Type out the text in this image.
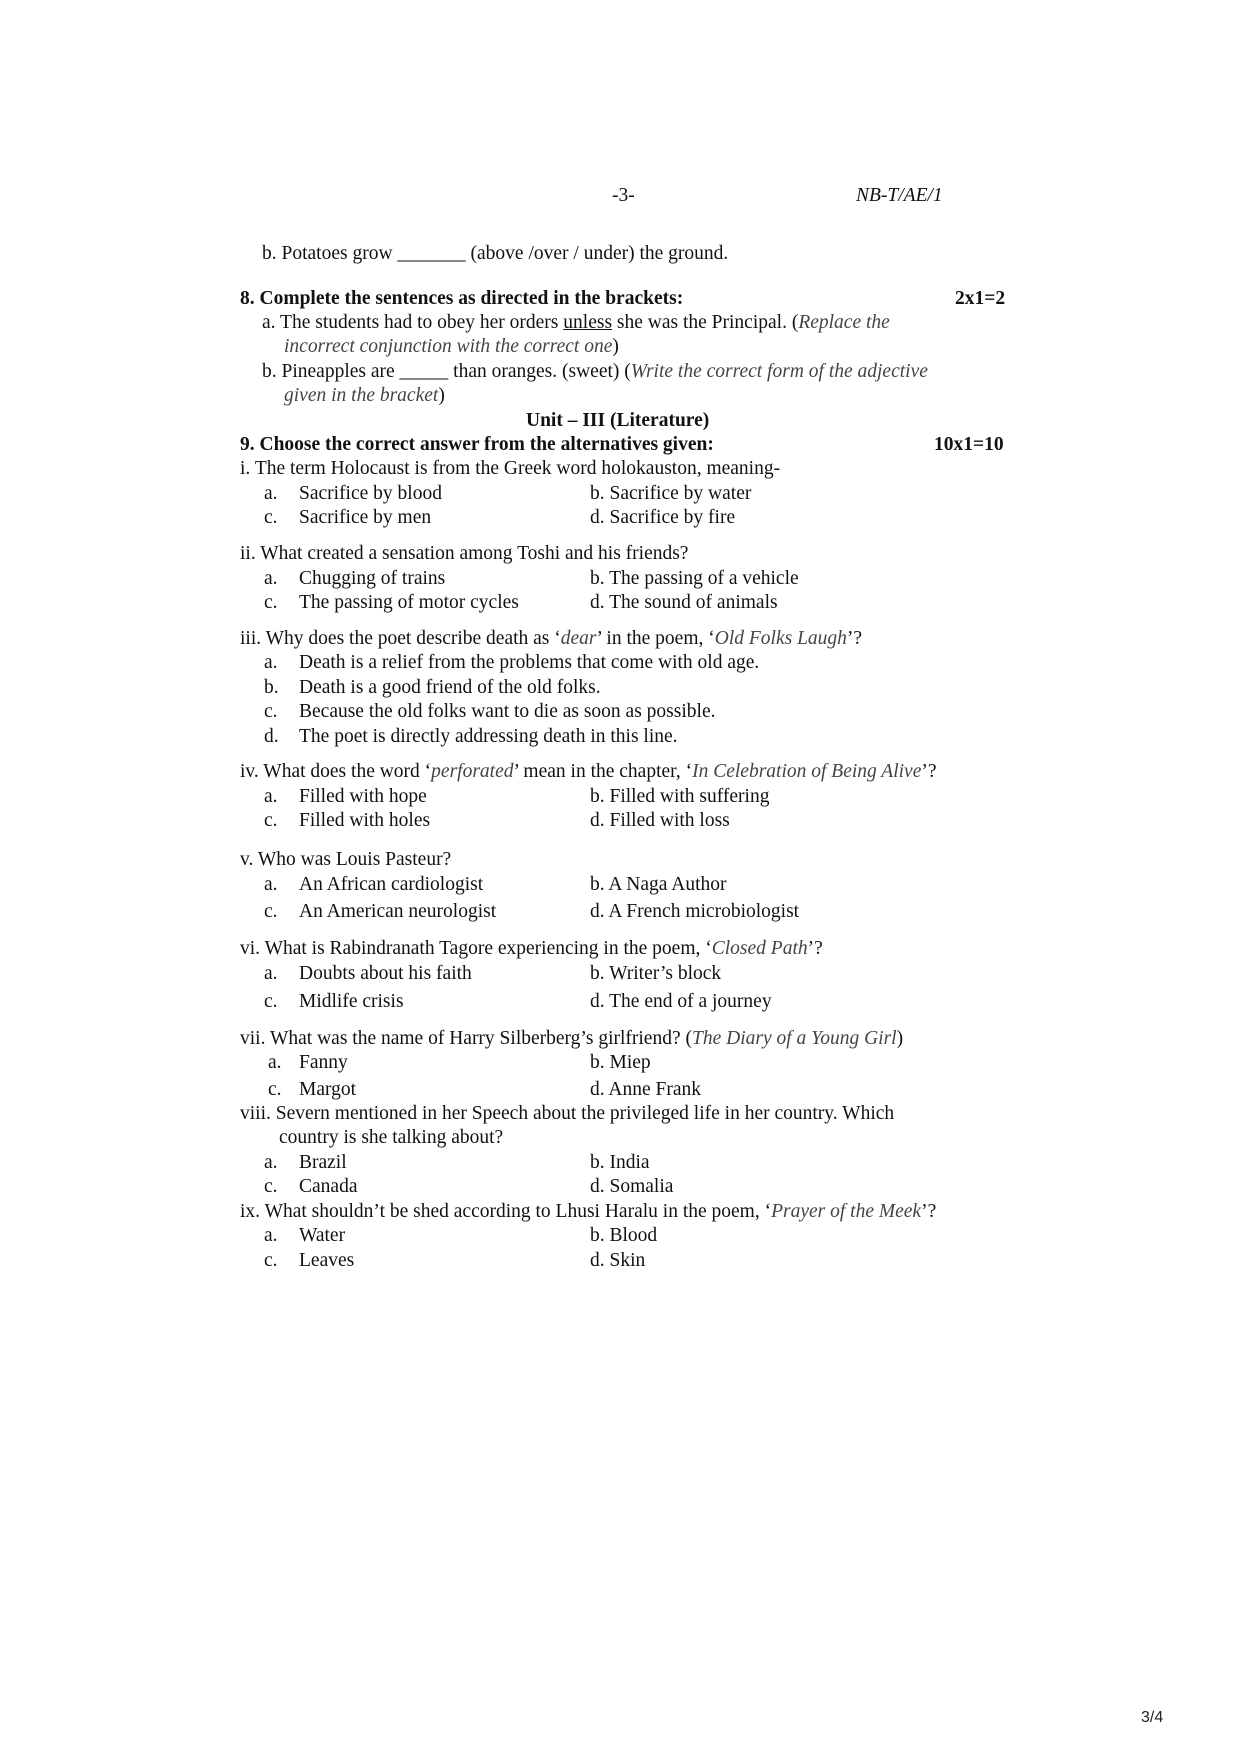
-3-	NB-T/AE/1
b. Potatoes grow _______ (above /over / under) the ground.
8. Complete the sentences as directed in the brackets:	2x1=2
a. The students had to obey her orders unless she was the Principal. (Replace the
incorrect conjunction with the correct one)
b. Pineapples are _____ than oranges. (sweet) (Write the correct form of the adjective
given in the bracket)
Unit – III (Literature)
9. Choose the correct answer from the alternatives given:	10x1=10
i. The term Holocaust is from the Greek word holokauston, meaning-
a. Sacrifice by blood	b. Sacrifice by water
c. Sacrifice by men	d. Sacrifice by fire
ii. What created a sensation among Toshi and his friends?
a. Chugging of trains	b. The passing of a vehicle
c. The passing of motor cycles	d. The sound of animals
iii. Why does the poet describe death as ‘dear’ in the poem, ‘Old Folks Laugh’?
a. Death is a relief from the problems that come with old age.
b. Death is a good friend of the old folks.
c. Because the old folks want to die as soon as possible.
d. The poet is directly addressing death in this line.
iv. What does the word ‘perforated’ mean in the chapter, ‘In Celebration of Being Alive’?
a. Filled with hope	b. Filled with suffering
c. Filled with holes	d. Filled with loss
v. Who was Louis Pasteur?
a. An African cardiologist	b. A Naga Author
c. An American neurologist	d. A French microbiologist
vi. What is Rabindranath Tagore experiencing in the poem, ‘Closed Path’?
a. Doubts about his faith	b. Writer’s block
c. Midlife crisis	d. The end of a journey
vii. What was the name of Harry Silberberg’s girlfriend? (The Diary of a Young Girl)
a. Fanny	b. Miep
c. Margot	d. Anne Frank
viii. Severn mentioned in her Speech about the privileged life in her country. Which
country is she talking about?
a. Brazil	b. India
c. Canada	d. Somalia
ix. What shouldn’t be shed according to Lhusi Haralu in the poem, ‘Prayer of the Meek’?
a. Water	b. Blood
c. Leaves	d. Skin
3/4
